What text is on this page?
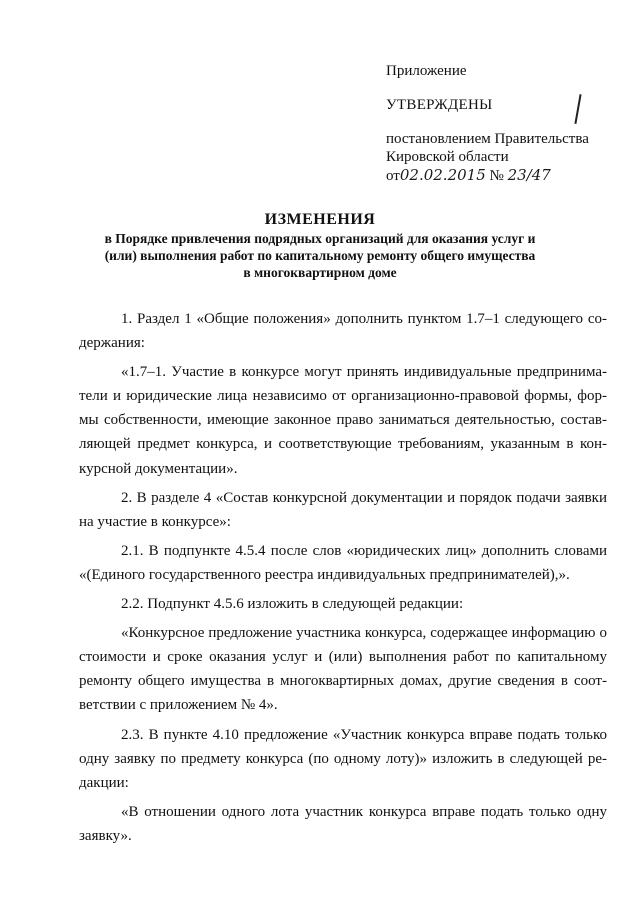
Приложение
УТВЕРЖДЕНЫ
постановлением Правительства
Кировской области
от02.02.2015 № 23/47
ИЗМЕНЕНИЯ
в Порядке привлечения подрядных организаций для оказания услуг и
(или) выполнения работ по капитальному ремонту общего имущества
в многоквартирном доме

1. Раздел 1 «Общие положения» дополнить пунктом 1.7–1 следующего содержания:

«1.7–1. Участие в конкурсе могут принять индивидуальные предприниматели и юридические лица независимо от организационно-правовой формы, формы собственности, имеющие законное право заниматься деятельностью, составляющей предмет конкурса, и соответствующие требованиям, указанным в конкурсной документации».

2. В разделе 4 «Состав конкурсной документации и порядок подачи заявки на участие в конкурсе»:

2.1. В подпункте 4.5.4 после слов «юридических лиц» дополнить словами «(Единого государственного реестра индивидуальных предпринимателей),».

2.2. Подпункт 4.5.6 изложить в следующей редакции:

«Конкурсное предложение участника конкурса, содержащее информацию о стоимости и сроке оказания услуг и (или) выполнения работ по капитальному ремонту общего имущества в многоквартирных домах, другие сведения в соответствии с приложением № 4».

2.3. В пункте 4.10 предложение «Участник конкурса вправе подать только одну заявку по предмету конкурса (по одному лоту)» изложить в следующей редакции:

«В отношении одного лота участник конкурса вправе подать только одну заявку».
